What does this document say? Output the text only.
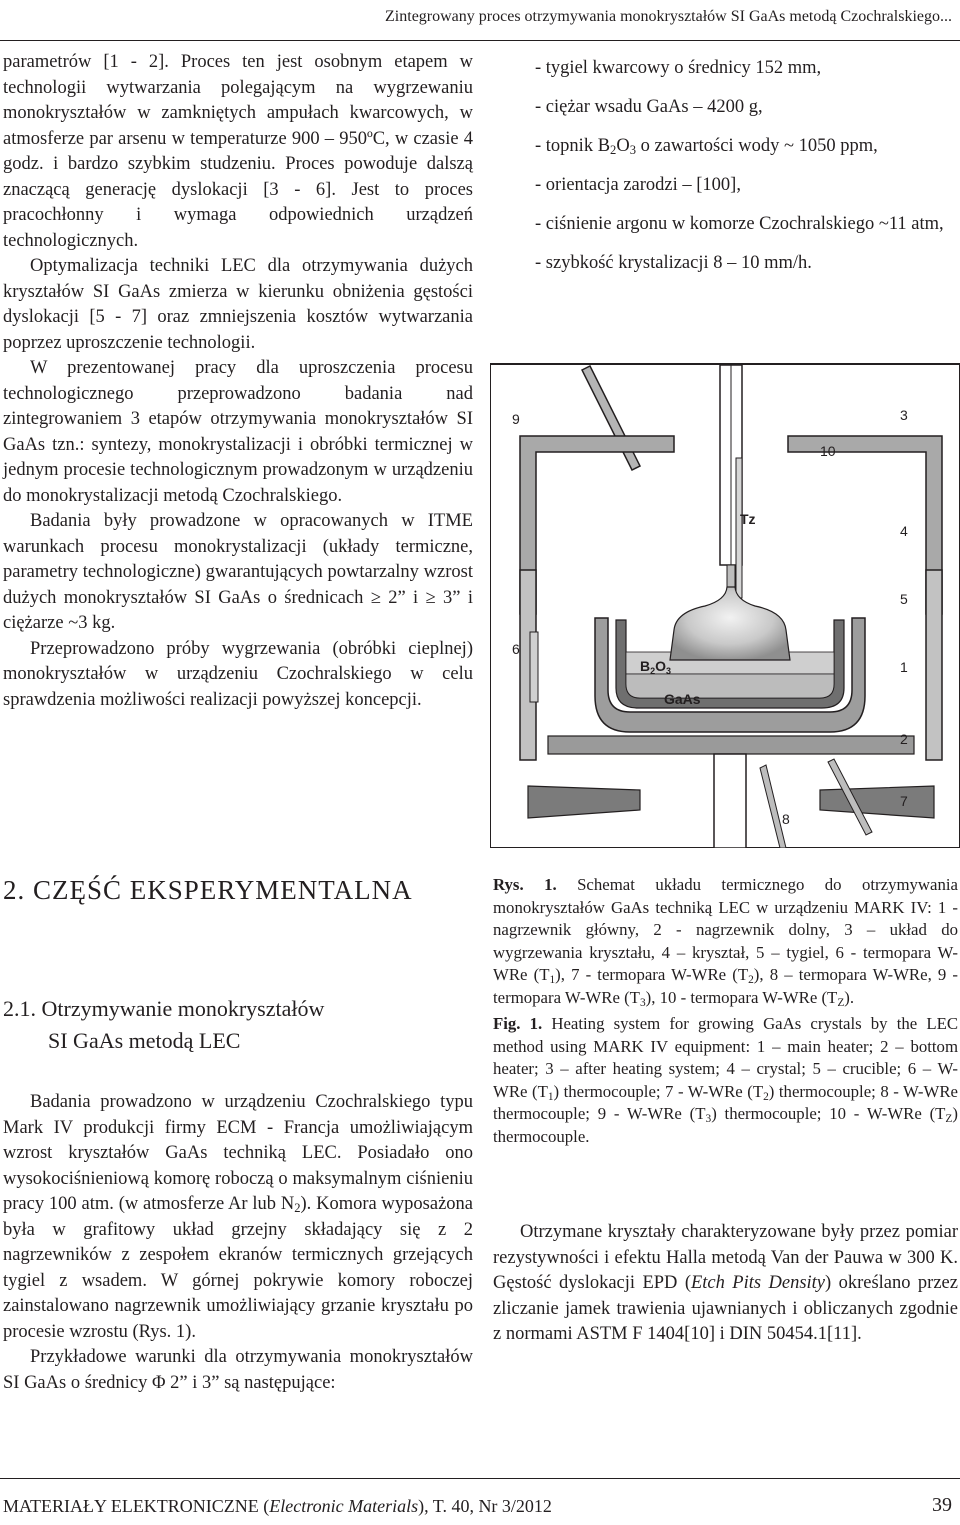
Zintegrowany proces otrzymywania monokryształów SI GaAs metodą Czochralskiego...

parametrów [1 - 2]. Proces ten jest osobnym etapem w technologii wytwarzania polegającym na wygrzewaniu monokryształów w zamkniętych ampułach kwarcowych, w atmosferze par arsenu w temperaturze 900 – 950ºC, w czasie 4 godz. i bardzo szybkim studzeniu. Proces powoduje dalszą znaczącą generację dyslokacji [3 - 6]. Jest to proces pracochłonny i wymaga odpowiednich urządzeń technologicznych.

Optymalizacja techniki LEC dla otrzymywania dużych kryształów SI GaAs zmierza w kierunku obniżenia gęstości dyslokacji [5 - 7] oraz zmniejszenia kosztów wytwarzania poprzez uproszczenie technologii.

W prezentowanej pracy dla uproszczenia procesu technologicznego przeprowadzono badania nad zintegrowaniem 3 etapów otrzymywania monokryształów SI GaAs tzn.: syntezy, monokrystalizacji i obróbki termicznej w jednym procesie technologicznym prowadzonym w urządzeniu do monokrystalizacji metodą Czochralskiego.

Badania były prowadzone w opracowanych w ITME warunkach procesu monokrystalizacji (układy termiczne, parametry technologiczne) gwarantujących powtarzalny wzrost dużych monokryształów SI GaAs o średnicach ≥ 2” i ≥ 3” i ciężarze ~3 kg.

Przeprowadzono próby wygrzewania (obróbki cieplnej) monokryształów w urządzeniu Czochralskiego w celu sprawdzenia możliwości realizacji powyższej koncepcji.

- tygiel kwarcowy o średnicy 152 mm,
- ciężar wsadu GaAs – 4200 g,
- topnik $B_2O_3$ o zawartości wody ~ 1050 ppm,
- orientacja zarodzi – [100],
- ciśnienie argonu w komorze Czochralskiego ~11 atm,
- szybkość krystalizacji 8 – 10 mm/h.
9	3
10
Tz
4
5
6
1
2
7
8
$B_2O_3$
GaAs
2. CZĘŚĆ EKSPERYMENTALNA
2.1. Otrzymywanie monokryształów
SI GaAs metodą LEC

Badania prowadzono w urządzeniu Czochralskiego typu Mark IV produkcji firmy ECM - Francja umożliwiającym wzrost kryształów GaAs techniką LEC. Posiadało ono wysokociśnieniową komorę roboczą o maksymalnym ciśnieniu pracy 100 atm. (w atmosferze Ar lub $N_2$). Komora wyposażona była w grafitowy układ grzejny składający się z 2 nagrzewników z zespołem ekranów termicznych grzejących tygiel z wsadem. W górnej pokrywie komory roboczej zainstalowano nagrzewnik umożliwiający grzanie kryształu po procesie wzrostu (Rys. 1).

Przykładowe warunki dla otrzymywania monokryształów SI GaAs o średnicy Φ 2” i 3” są następujące:

Rys. 1. Schemat układu termicznego do otrzymywania monokryształów GaAs techniką LEC w urządzeniu MARK IV: 1 - nagrzewnik główny, 2 - nagrzewnik dolny, 3 – układ do wygrzewania kryształu, 4 – kryształ, 5 – tygiel, 6 - termopara W-WRe $(T_1)$, 7 - termopara W-WRe $(T_2)$, 8 – termopara W-WRe, 9 - termopara W-WRe $(T_3)$, 10 - termopara W-WRe $(T_Z)$.

Fig. 1. Heating system for growing GaAs crystals by the LEC method using MARK IV equipment: 1 – main heater; 2 – bottom heater; 3 – after heating system; 4 – crystal; 5 – crucible; 6 – W-WRe $(T_1)$ thermocouple; 7 - W-WRe $(T_2)$ thermocouple; 8 - W-WRe thermocouple; 9 - W-WRe $(T_3)$ thermocouple; 10 - W-WRe $(T_Z)$ thermocouple.

Otrzymane kryształy charakteryzowane były przez pomiar rezystywności i efektu Halla metodą Van der Pauwa w 300 K. Gęstość dyslokacji EPD (Etch Pits Density) określano przez zliczanie jamek trawienia ujawnianych i obliczanych zgodnie z normami ASTM F 1404[10] i DIN 50454.1[11].

MATERIAŁY ELEKTRONICZNE (Electronic Materials), T. 40, Nr 3/2012	39
